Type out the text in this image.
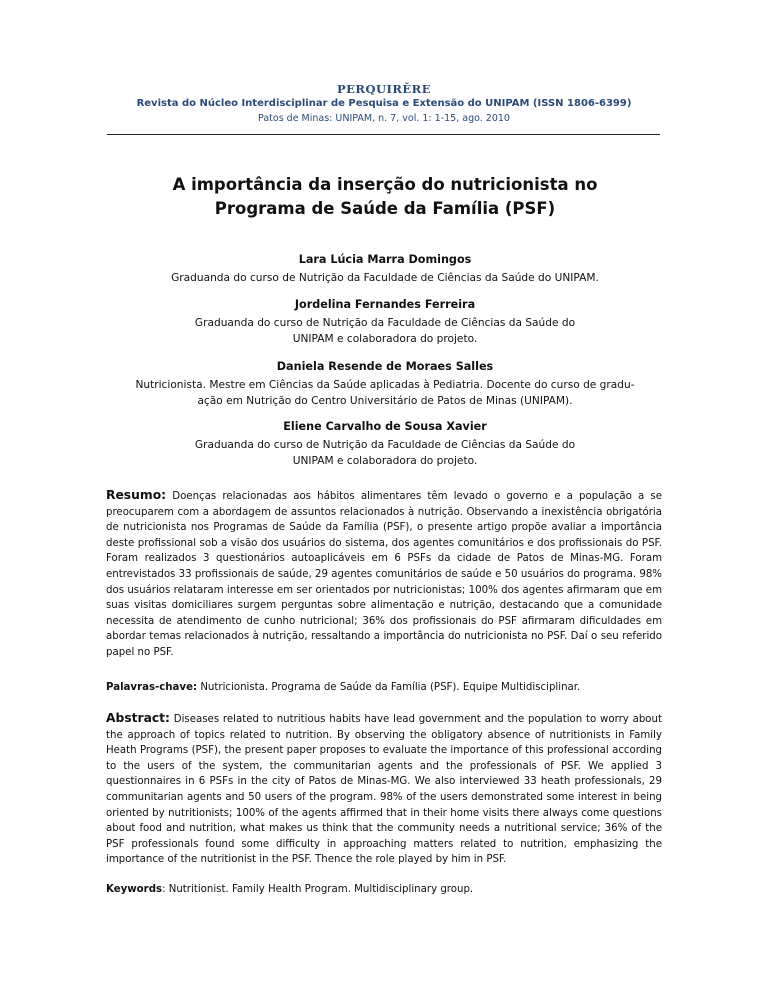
PERQUIRĚRE
Revista do Núcleo Interdisciplinar de Pesquisa e Extensão do UNIPAM (ISSN 1806-6399)
Patos de Minas: UNIPAM, n. 7, vol. 1: 1-15, ago. 2010
A importância da inserção do nutricionista no
Programa de Saúde da Família (PSF)
Lara Lúcia Marra Domingos
Graduanda do curso de Nutrição da Faculdade de Ciências da Saúde do UNIPAM.
Jordelina Fernandes Ferreira
Graduanda do curso de Nutrição da Faculdade de Ciências da Saúde do
UNIPAM e colaboradora do projeto.
Daniela Resende de Moraes Salles
Nutricionista. Mestre em Ciências da Saúde aplicadas à Pediatria. Docente do curso de gradu-
ação em Nutrição do Centro Universitário de Patos de Minas (UNIPAM).
Eliene Carvalho de Sousa Xavier
Graduanda do curso de Nutrição da Faculdade de Ciências da Saúde do
UNIPAM e colaboradora do projeto.
Resumo: Doenças relacionadas aos hábitos alimentares têm levado o governo e a população a se preocuparem com a abordagem de assuntos relacionados à nutrição. Observando a inexistência obrigatória de nutricionista nos Programas de Saúde da Família (PSF), o presente artigo propõe avaliar a importância deste profissional sob a visão dos usuários do sistema, dos agentes comunitários e dos profissionais do PSF. Foram realizados 3 questionários autoaplicáveis em 6 PSFs da cidade de Patos de Minas-MG. Foram entrevistados 33 profissionais de saúde, 29 agentes comunitários de saúde e 50 usuários do programa. 98% dos usuários relataram interesse em ser orientados por nutricionistas; 100% dos agentes afirmaram que em suas visitas domiciliares surgem perguntas sobre alimentação e nutrição, destacando que a comunidade necessita de atendimento de cunho nutricional; 36% dos profissionais do PSF afirmaram dificuldades em abordar temas relacionados à nutrição, ressaltando a importância do nutricionista no PSF. Daí o seu referido papel no PSF.
Palavras-chave: Nutricionista. Programa de Saúde da Família (PSF). Equipe Multidisciplinar.
Abstract: Diseases related to nutritious habits have lead government and the population to worry about the approach of topics related to nutrition. By observing the obligatory absence of nutritionists in Family Heath Programs (PSF), the present paper proposes to evaluate the importance of this professional according to the users of the system, the communitarian agents and the professionals of PSF. We applied 3 questionnaires in 6 PSFs in the city of Patos de Minas-MG. We also interviewed 33 heath professionals, 29 communitarian agents and 50 users of the program. 98% of the users demonstrated some interest in being oriented by nutritionists; 100% of the agents affirmed that in their home visits there always come questions about food and nutrition, what makes us think that the community needs a nutritional service; 36% of the PSF professionals found some difficulty in approaching matters related to nutrition, emphasizing the importance of the nutritionist in the PSF. Thence the role played by him in PSF.
Keywords: Nutritionist. Family Health Program. Multidisciplinary group.
